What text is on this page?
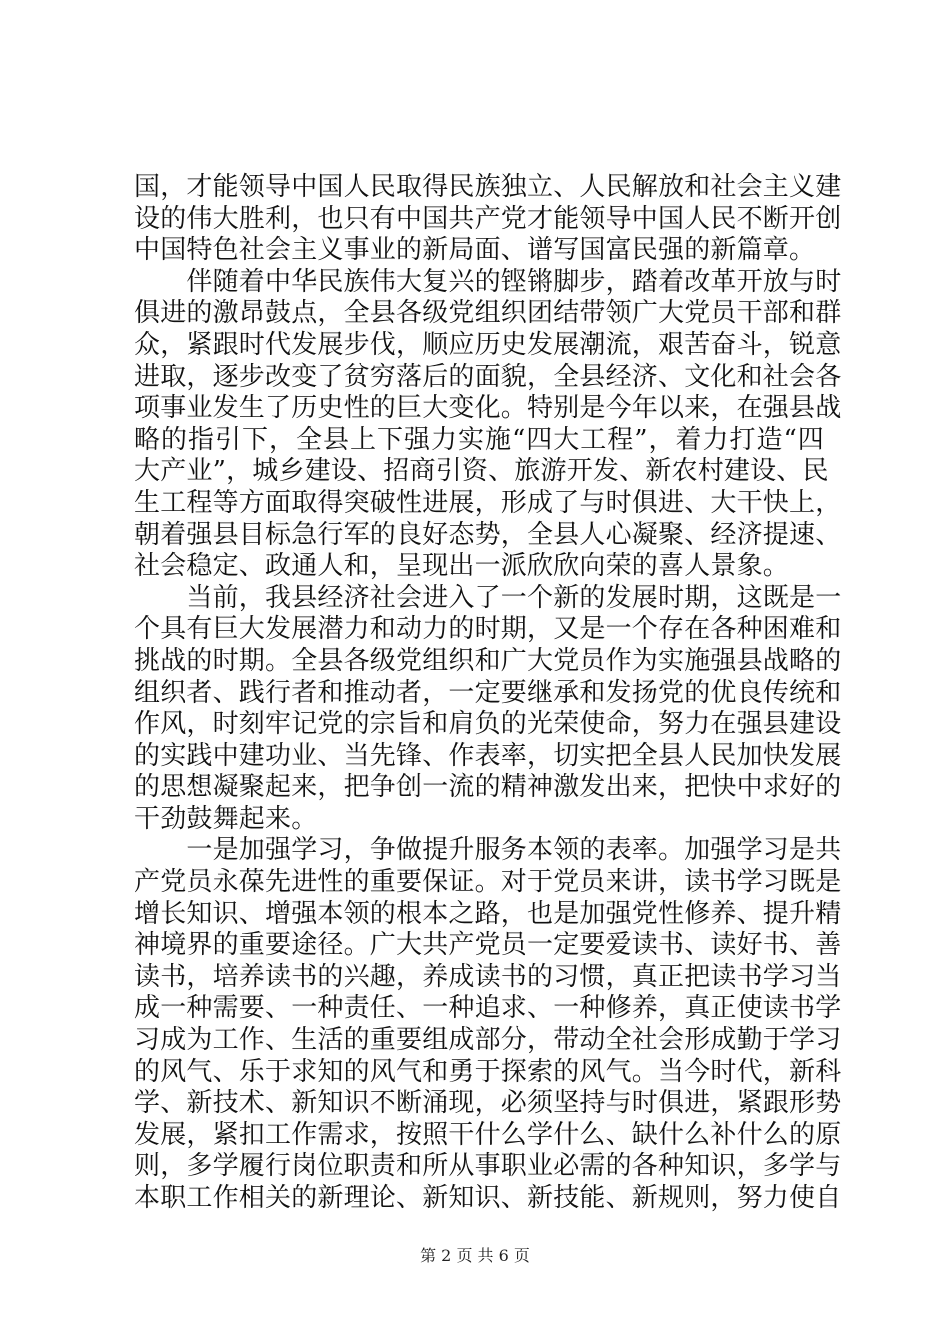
国，才能领导中国人民取得民族独立、人民解放和社会主义建
设的伟大胜利，也只有中国共产党才能领导中国人民不断开创
中国特色社会主义事业的新局面、谱写国富民强的新篇章。
　　伴随着中华民族伟大复兴的铿锵脚步，踏着改革开放与时
俱进的激昂鼓点，全县各级党组织团结带领广大党员干部和群
众，紧跟时代发展步伐，顺应历史发展潮流，艰苦奋斗，锐意
进取，逐步改变了贫穷落后的面貌，全县经济、文化和社会各
项事业发生了历史性的巨大变化。特别是今年以来，在强县战
略的指引下，全县上下强力实施“四大工程”，着力打造“四
大产业”，城乡建设、招商引资、旅游开发、新农村建设、民
生工程等方面取得突破性进展，形成了与时俱进、大干快上，
朝着强县目标急行军的良好态势，全县人心凝聚、经济提速、
社会稳定、政通人和，呈现出一派欣欣向荣的喜人景象。
　　当前，我县经济社会进入了一个新的发展时期，这既是一
个具有巨大发展潜力和动力的时期，又是一个存在各种困难和
挑战的时期。全县各级党组织和广大党员作为实施强县战略的
组织者、践行者和推动者，一定要继承和发扬党的优良传统和
作风，时刻牢记党的宗旨和肩负的光荣使命，努力在强县建设
的实践中建功业、当先锋、作表率，切实把全县人民加快发展
的思想凝聚起来，把争创一流的精神激发出来，把快中求好的
干劲鼓舞起来。
　　一是加强学习，争做提升服务本领的表率。加强学习是共
产党员永葆先进性的重要保证。对于党员来讲，读书学习既是
增长知识、增强本领的根本之路，也是加强党性修养、提升精
神境界的重要途径。广大共产党员一定要爱读书、读好书、善
读书，培养读书的兴趣，养成读书的习惯，真正把读书学习当
成一种需要、一种责任、一种追求、一种修养，真正使读书学
习成为工作、生活的重要组成部分，带动全社会形成勤于学习
的风气、乐于求知的风气和勇于探索的风气。当今时代，新科
学、新技术、新知识不断涌现，必须坚持与时俱进，紧跟形势
发展，紧扣工作需求，按照干什么学什么、缺什么补什么的原
则，多学履行岗位职责和所从事职业必需的各种知识，多学与
本职工作相关的新理论、新知识、新技能、新规则，努力使自
第 2 页 共 6 页
